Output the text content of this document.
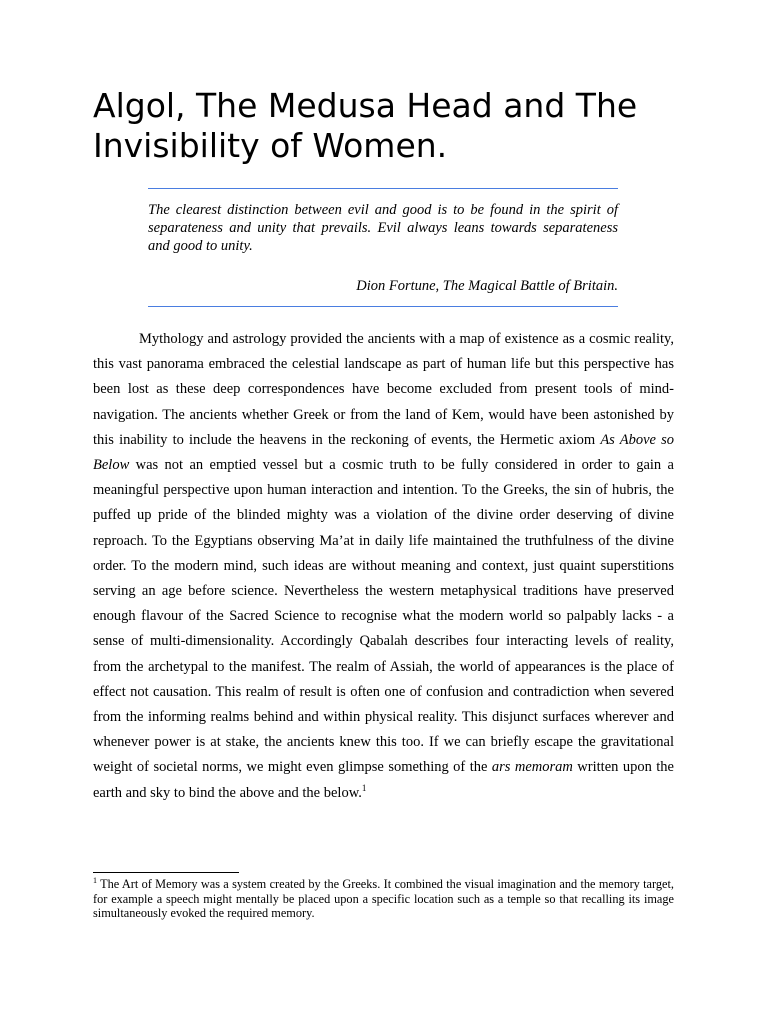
Algol, The Medusa Head and The Invisibility of Women.

The clearest distinction between evil and good is to be found in the spirit of separateness and unity that prevails. Evil always leans towards separateness and good to unity.

Dion Fortune, The Magical Battle of Britain.

Mythology and astrology provided the ancients with a map of existence as a cosmic reality, this vast panorama embraced the celestial landscape as part of human life but this perspective has been lost as these deep correspondences have become excluded from present tools of mind-navigation. The ancients whether Greek or from the land of Kem, would have been astonished by this inability to include the heavens in the reckoning of events, the Hermetic axiom As Above so Below was not an emptied vessel but a cosmic truth to be fully considered in order to gain a meaningful perspective upon human interaction and intention. To the Greeks, the sin of hubris, the puffed up pride of the blinded mighty was a violation of the divine order deserving of divine reproach. To the Egyptians observing Ma’at in daily life maintained the truthfulness of the divine order. To the modern mind, such ideas are without meaning and context, just quaint superstitions serving an age before science. Nevertheless the western metaphysical traditions have preserved enough flavour of the Sacred Science to recognise what the modern world so palpably lacks - a sense of multi-dimensionality. Accordingly Qabalah describes four interacting levels of reality, from the archetypal to the manifest. The realm of Assiah, the world of appearances is the place of effect not causation. This realm of result is often one of confusion and contradiction when severed from the informing realms behind and within physical reality. This disjunct surfaces wherever and whenever power is at stake, the ancients knew this too. If we can briefly escape the gravitational weight of societal norms, we might even glimpse something of the ars memoram written upon the earth and sky to bind the above and the below.$^1$

$^1$ The Art of Memory was a system created by the Greeks. It combined the visual imagination and the memory target, for example a speech might mentally be placed upon a specific location such as a temple so that recalling its image simultaneously evoked the required memory.
